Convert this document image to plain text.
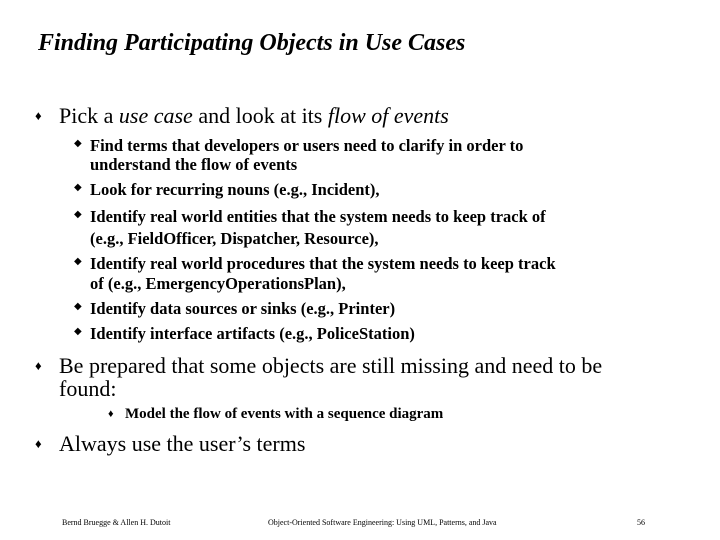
Finding Participating Objects in Use Cases
♦ Pick a use case and look at its flow of events
◆ Find terms that developers or users need to clarify in order to
understand the flow of events
◆ Look for recurring nouns (e.g., Incident),
◆ Identify real world entities that the system needs to keep track of
(e.g., FieldOfficer, Dispatcher, Resource),
◆ Identify real world procedures that the system needs to keep track
of (e.g., EmergencyOperationsPlan),
◆ Identify data sources or sinks (e.g., Printer)
◆ Identify interface artifacts (e.g., PoliceStation)
♦ Be prepared that some objects are still missing and need to be
found:
♦ Model the flow of events with a sequence diagram
♦ Always use the user’s terms
Bernd Bruegge & Allen H. Dutoit	Object-Oriented Software Engineering: Using UML, Patterns, and Java	56
